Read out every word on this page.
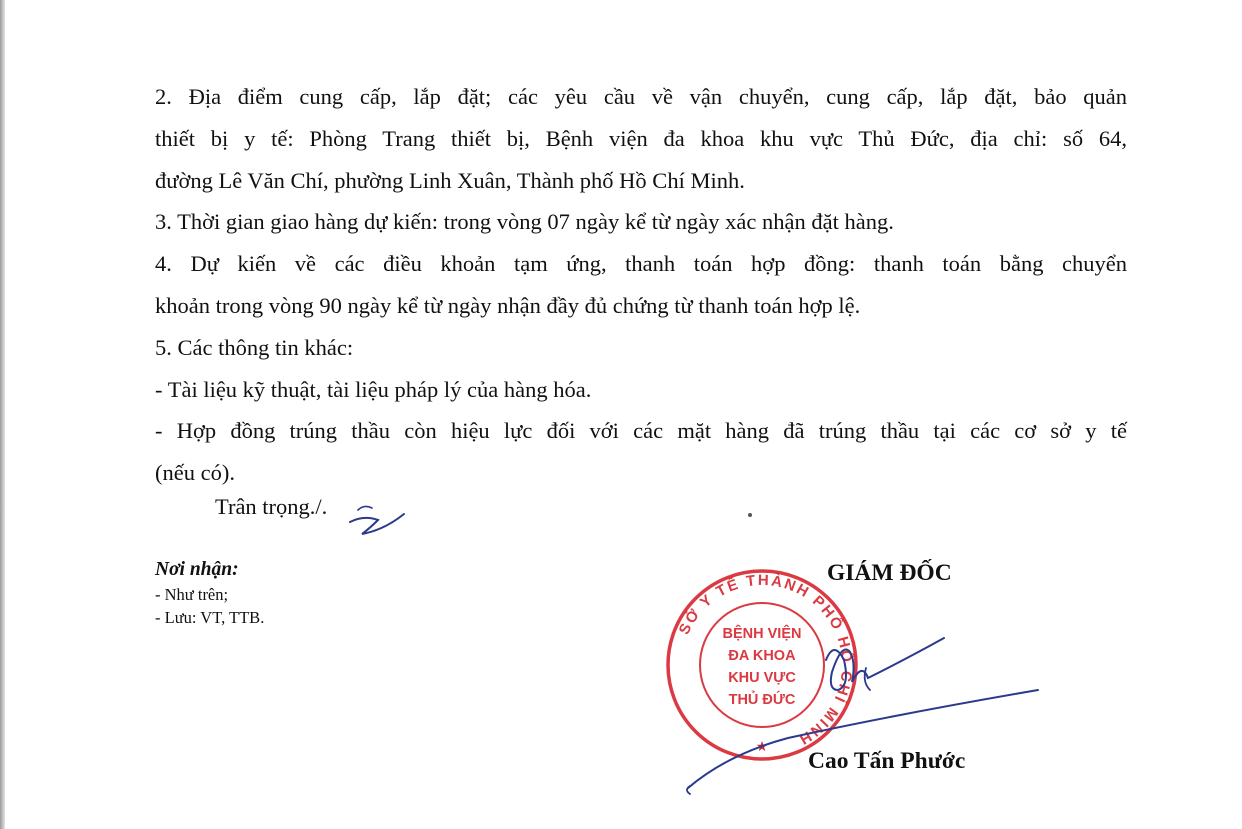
2. Địa điểm cung cấp, lắp đặt; các yêu cầu về vận chuyển, cung cấp, lắp đặt, bảo quản

thiết bị y tế: Phòng Trang thiết bị, Bệnh viện đa khoa khu vực Thủ Đức, địa chỉ: số 64,

đường Lê Văn Chí, phường Linh Xuân, Thành phố Hồ Chí Minh.

3. Thời gian giao hàng dự kiến: trong vòng 07 ngày kể từ ngày xác nhận đặt hàng.

4. Dự kiến về các điều khoản tạm ứng, thanh toán hợp đồng: thanh toán bằng chuyển

khoản trong vòng 90 ngày kể từ ngày nhận đầy đủ chứng từ thanh toán hợp lệ.

5. Các thông tin khác:

- Tài liệu kỹ thuật, tài liệu pháp lý của hàng hóa.

- Hợp đồng trúng thầu còn hiệu lực đối với các mặt hàng đã trúng thầu tại các cơ sở y tế

(nếu có).

Trân trọng./.
Nơi nhận:
- Như trên;
- Lưu: VT, TTB.
GIÁM ĐỐC
SỞ Y TẾ THÀNH PHỐ HỒ CHÍ MINH
BỆNH VIỆN
ĐA KHOA
KHU VỰC
THỦ ĐỨC
★
Cao Tấn Phước
